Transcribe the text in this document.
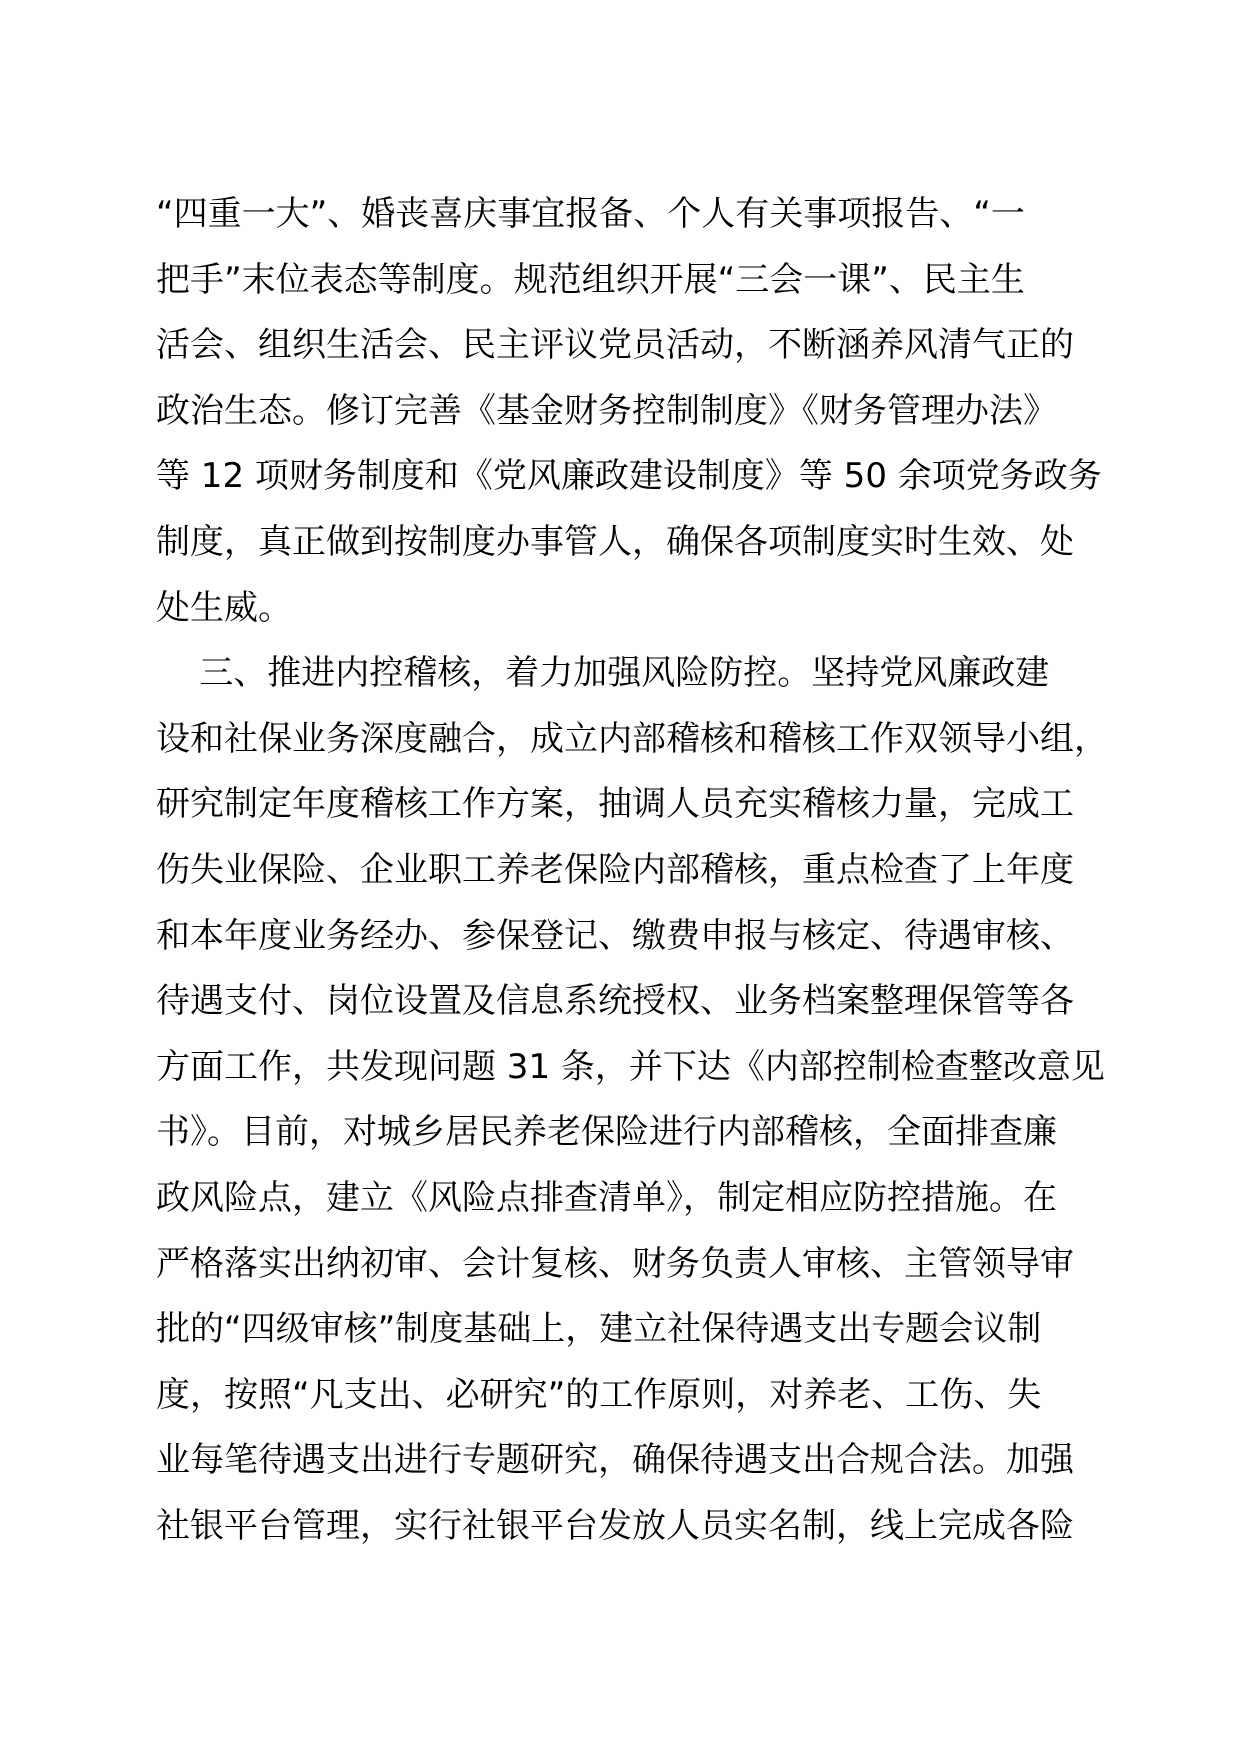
“四重一大”、婚丧喜庆事宜报备、个人有关事项报告、“一
把手”末位表态等制度。规范组织开展“三会一课”、民主生
活会、组织生活会、民主评议党员活动，不断涵养风清气正的
政治生态。修订完善《基金财务控制制度》《财务管理办法》
等 12 项财务制度和《党风廉政建设制度》等 50 余项党务政务
制度，真正做到按制度办事管人，确保各项制度实时生效、处
处生威。
三、推进内控稽核，着力加强风险防控。坚持党风廉政建
设和社保业务深度融合，成立内部稽核和稽核工作双领导小组，
研究制定年度稽核工作方案，抽调人员充实稽核力量，完成工
伤失业保险、企业职工养老保险内部稽核，重点检查了上年度
和本年度业务经办、参保登记、缴费申报与核定、待遇审核、
待遇支付、岗位设置及信息系统授权、业务档案整理保管等各
方面工作，共发现问题 31 条，并下达《内部控制检查整改意见
书》。目前，对城乡居民养老保险进行内部稽核，全面排查廉
政风险点，建立《风险点排查清单》，制定相应防控措施。在
严格落实出纳初审、会计复核、财务负责人审核、主管领导审
批的“四级审核”制度基础上，建立社保待遇支出专题会议制
度，按照“凡支出、必研究”的工作原则，对养老、工伤、失
业每笔待遇支出进行专题研究，确保待遇支出合规合法。加强
社银平台管理，实行社银平台发放人员实名制，线上完成各险
